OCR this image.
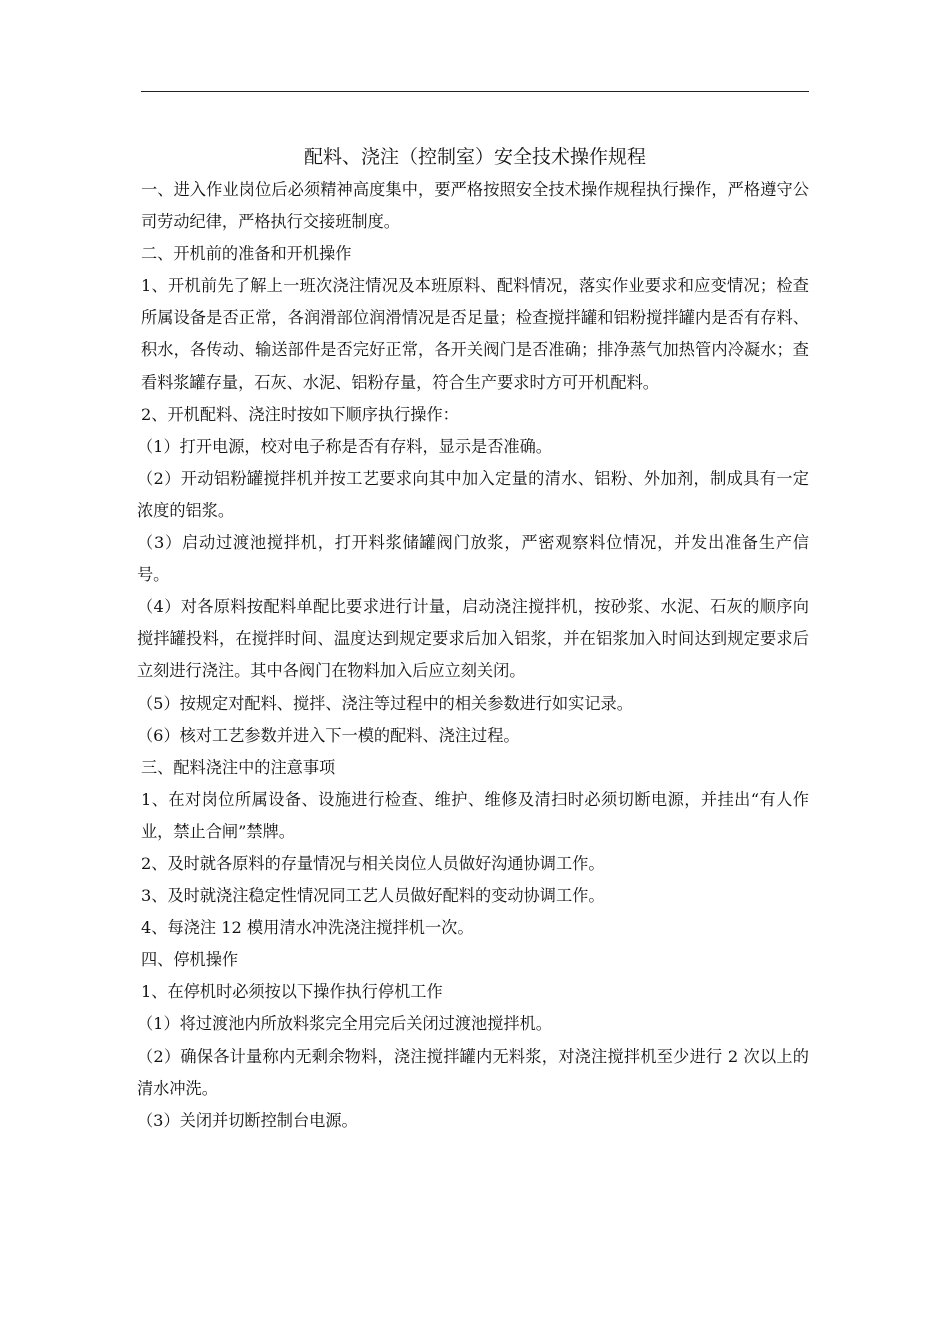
配料、浇注（控制室）安全技术操作规程

一、进入作业岗位后必须精神高度集中，要严格按照安全技术操作规程执行操作，严格遵守公司劳动纪律，严格执行交接班制度。

二、开机前的准备和开机操作

1、开机前先了解上一班次浇注情况及本班原料、配料情况，落实作业要求和应变情况；检查所属设备是否正常，各润滑部位润滑情况是否足量；检查搅拌罐和铝粉搅拌罐内是否有存料、积水，各传动、输送部件是否完好正常，各开关阀门是否准确；排净蒸气加热管内冷凝水；查看料浆罐存量，石灰、水泥、铝粉存量，符合生产要求时方可开机配料。

2、开机配料、浇注时按如下顺序执行操作：

（1）打开电源，校对电子称是否有存料，显示是否准确。

（2）开动铝粉罐搅拌机并按工艺要求向其中加入定量的清水、铝粉、外加剂，制成具有一定浓度的铝浆。

（3）启动过渡池搅拌机，打开料浆储罐阀门放浆，严密观察料位情况，并发出准备生产信号。

（4）对各原料按配料单配比要求进行计量，启动浇注搅拌机，按砂浆、水泥、石灰的顺序向搅拌罐投料，在搅拌时间、温度达到规定要求后加入铝浆，并在铝浆加入时间达到规定要求后立刻进行浇注。其中各阀门在物料加入后应立刻关闭。

（5）按规定对配料、搅拌、浇注等过程中的相关参数进行如实记录。

（6）核对工艺参数并进入下一模的配料、浇注过程。

三、配料浇注中的注意事项

1、在对岗位所属设备、设施进行检查、维护、维修及清扫时必须切断电源，并挂出“有人作业，禁止合闸”禁牌。

2、及时就各原料的存量情况与相关岗位人员做好沟通协调工作。

3、及时就浇注稳定性情况同工艺人员做好配料的变动协调工作。

4、每浇注 12 模用清水冲洗浇注搅拌机一次。

四、停机操作

1、在停机时必须按以下操作执行停机工作

（1）将过渡池内所放料浆完全用完后关闭过渡池搅拌机。

（2）确保各计量称内无剩余物料，浇注搅拌罐内无料浆，对浇注搅拌机至少进行 2 次以上的清水冲洗。

（3）关闭并切断控制台电源。
